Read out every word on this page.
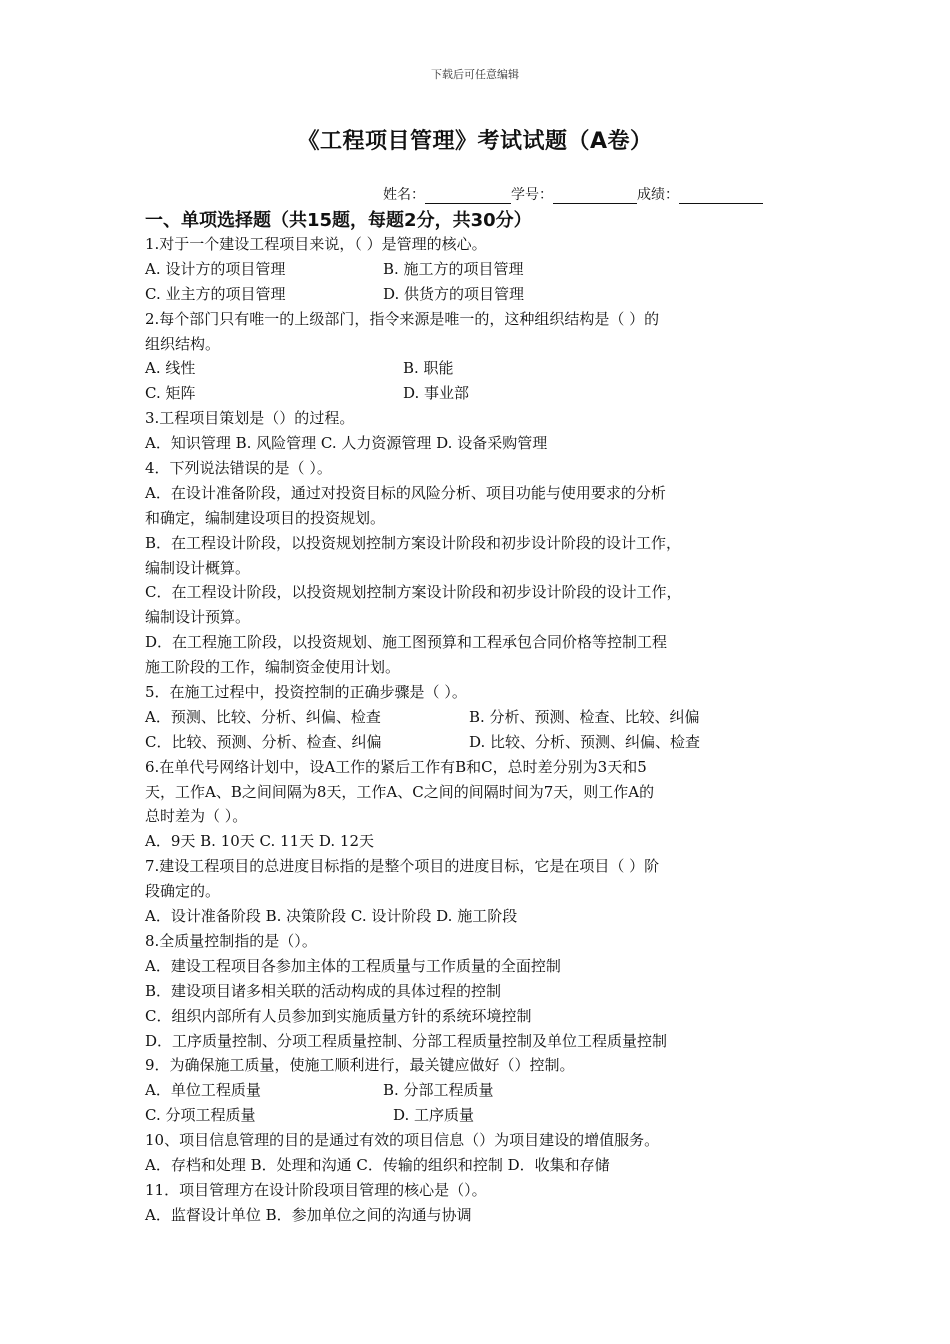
下载后可任意编辑
《工程项目管理》考试试题（A卷）
姓名：	学号：	成绩：
一、单项选择题（共15题，每题2分，共30分）
1.对于一个建设工程项目来说，（ ）是管理的核心。
A. 设计方的项目管理	B. 施工方的项目管理
C. 业主方的项目管理	D. 供货方的项目管理
2.每个部门只有唯一的上级部门，指令来源是唯一的，这种组织结构是（ ）的
组织结构。
A. 线性	B. 职能
C. 矩阵	D. 事业部
3.工程项目策划是（）的过程。
A．知识管理 B. 风险管理 C. 人力资源管理 D. 设备采购管理
4．下列说法错误的是（ ）。
A．在设计准备阶段，通过对投资目标的风险分析、项目功能与使用要求的分析
和确定，编制建设项目的投资规划。
B．在工程设计阶段，以投资规划控制方案设计阶段和初步设计阶段的设计工作，
编制设计概算。
C．在工程设计阶段，以投资规划控制方案设计阶段和初步设计阶段的设计工作，
编制设计预算。
D．在工程施工阶段，以投资规划、施工图预算和工程承包合同价格等控制工程
施工阶段的工作，编制资金使用计划。
5．在施工过程中，投资控制的正确步骤是（ ）。
A．预测、比较、分析、纠偏、检查	B. 分析、预测、检查、比较、纠偏
C．比较、预测、分析、检查、纠偏	D. 比较、分析、预测、纠偏、检查
6.在单代号网络计划中，设A工作的紧后工作有B和C，总时差分别为3天和5
天，工作A、B之间间隔为8天，工作A、C之间的间隔时间为7天，则工作A的
总时差为（ ）。
A．9天 B. 10天 C. 11天 D. 12天
7.建设工程项目的总进度目标指的是整个项目的进度目标，它是在项目（ ）阶
段确定的。
A．设计准备阶段 B. 决策阶段 C. 设计阶段 D. 施工阶段
8.全质量控制指的是（）。
A．建设工程项目各参加主体的工程质量与工作质量的全面控制
B．建设项目诸多相关联的活动构成的具体过程的控制
C．组织内部所有人员参加到实施质量方针的系统环境控制
D．工序质量控制、分项工程质量控制、分部工程质量控制及单位工程质量控制
9．为确保施工质量，使施工顺利进行，最关键应做好（）控制。
A．单位工程质量	B. 分部工程质量
C. 分项工程质量	D. 工序质量
10、项目信息管理的目的是通过有效的项目信息（）为项目建设的增值服务。
A．存档和处理 B．处理和沟通 C．传输的组织和控制 D．收集和存储
11．项目管理方在设计阶段项目管理的核心是（）。
A．监督设计单位 B．参加单位之间的沟通与协调
